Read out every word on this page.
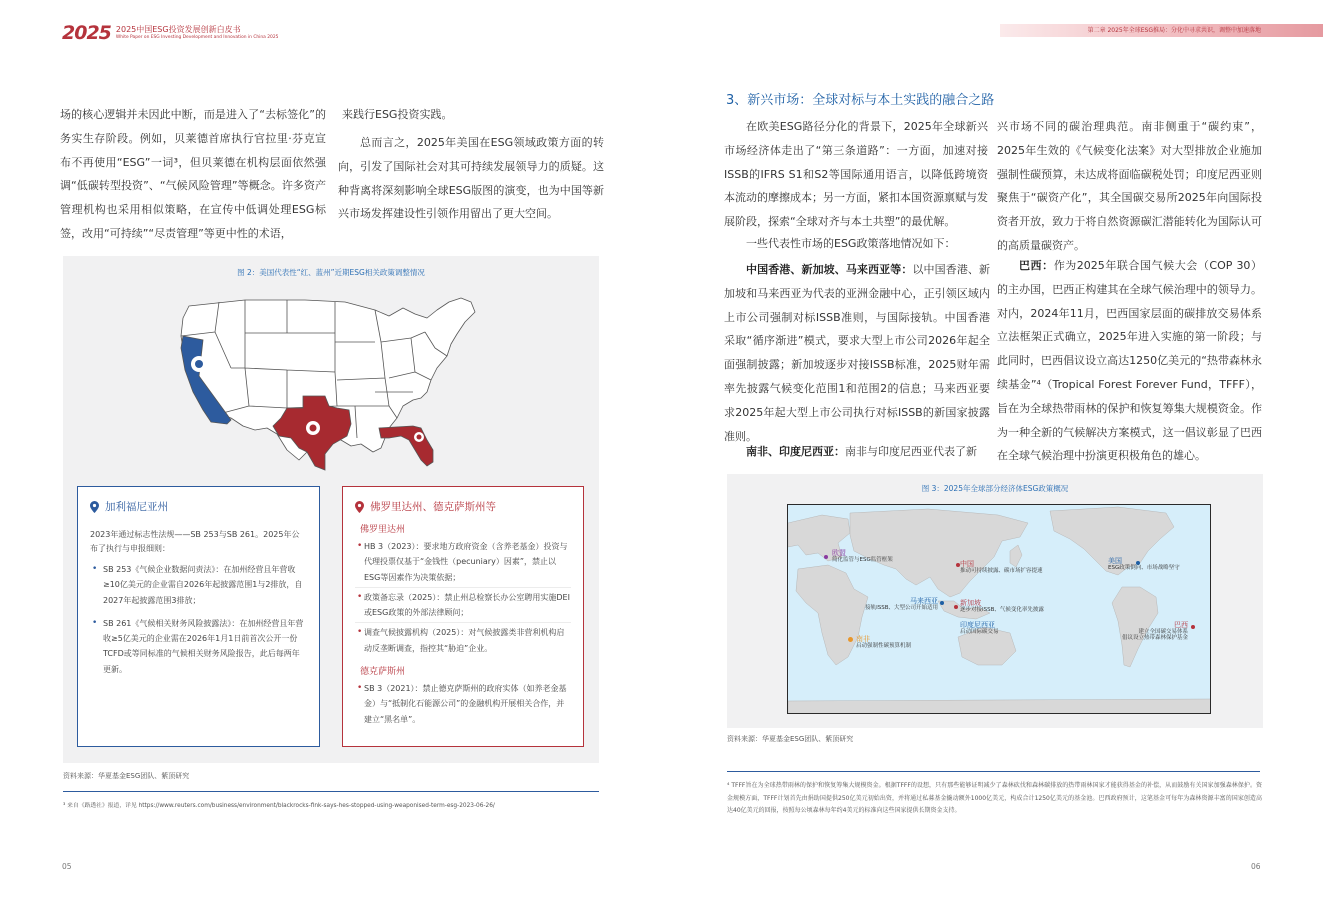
2025 2025中国ESG投资发展创新白皮书
White Paper on ESG Investing Development and Innovation in China 2025
第二章 2025年全球ESG推局：分化中寻求共识，调整中加速落地

场的核心逻辑并未因此中断，而是进入了“去标签化”的务实生存阶段。例如，贝莱德首席执行官拉里·芬克宣布不再使用“ESG”一词³，但贝莱德在机构层面依然强调“低碳转型投资”、“气候风险管理”等概念。许多资产管理机构也采用相似策略，在宣传中低调处理ESG标签，改用“可持续”“尽责管理”等更中性的术语，

来践行ESG投资实践。

总而言之，2025年美国在ESG领域政策方面的转向，引发了国际社会对其可持续发展领导力的质疑。这种背离将深刻影响全球ESG版图的演变，也为中国等新兴市场发挥建设性引领作用留出了更大空间。

图 2：美国代表性“红、蓝州”近期ESG相关政策调整情况
加利福尼亚州
2023年通过标志性法规——SB 253与SB 261。2025年公布了执行与申报细则：
• SB 253《气候企业数据问责法》：在加州经营且年营收≥10亿美元的企业需自2026年起披露范围1与2排放，自2027年起披露范围3排放；
• SB 261《气候相关财务风险披露法》：在加州经营且年营收≥5亿美元的企业需在2026年1月1日前首次公开一份TCFD或等同标准的气候相关财务风险报告，此后每两年更新。
佛罗里达州、德克萨斯州等
佛罗里达州
• HB 3（2023）：要求地方政府资金（含养老基金）投资与代理投票仅基于“金钱性（pecuniary）因素”，禁止以ESG等因素作为决策依据；
• 政策备忘录（2025）：禁止州总检察长办公室聘用实施DEI或ESG政策的外部法律顾问；
• 调查气候披露机构（2025）：对气候披露类非营利机构启动反垄断调查，指控其“胁迫”企业。
德克萨斯州
• SB 3（2021）：禁止德克萨斯州的政府实体（如养老金基金）与“抵制化石能源公司”的金融机构开展相关合作，并建立“黑名单”。
资料来源：华夏基金ESG团队、紫顶研究
³ 来自《路透社》报道，详见 https://www.reuters.com/business/environment/blackrocks-fink-says-hes-stopped-using-weaponised-term-esg-2023-06-26/
05
3、新兴市场：全球对标与本土实践的融合之路

在欧美ESG路径分化的背景下，2025年全球新兴市场经济体走出了“第三条道路”：一方面，加速对接ISSB的IFRS S1和S2等国际通用语言，以降低跨境资本流动的摩擦成本；另一方面，紧扣本国资源禀赋与发展阶段，探索“全球对齐与本土共塑”的最优解。

一些代表性市场的ESG政策落地情况如下：

中国香港、新加坡、马来西亚等：以中国香港、新加坡和马来西亚为代表的亚洲金融中心，正引领区域内上市公司强制对标ISSB准则，与国际接轨。中国香港采取“循序渐进”模式，要求大型上市公司2026年起全面强制披露；新加坡逐步对接ISSB标准，2025财年需率先披露气候变化范围1和范围2的信息；马来西亚要求2025年起大型上市公司执行对标ISSB的新国家披露准则。

南非、印度尼西亚：南非与印度尼西亚代表了新

兴市场不同的碳治理典范。南非侧重于“碳约束”，2025年生效的《气候变化法案》对大型排放企业施加强制性碳预算，未达成将面临碳税处罚；印度尼西亚则聚焦于“碳资产化”，其全国碳交易所2025年向国际投资者开放，致力于将自然资源碳汇潜能转化为国际认可的高质量碳资产。

巴西：作为2025年联合国气候大会（COP 30）的主办国，巴西正构建其在全球气候治理中的领导力。对内，2024年11月，巴西国家层面的碳排放交易体系立法框架正式确立，2025年进入实施的第一阶段；与此同时，巴西倡议设立高达1250亿美元的“热带森林永续基金”⁴（Tropical Forest Forever Fund，TFFF），旨在为全球热带雨林的保护和恢复筹集大规模资金。作为一种全新的气候解决方案模式，这一倡议彰显了巴西在全球气候治理中扮演更积极角色的雄心。

图 3：2025年全球部分经济体ESG政策概况
欧盟
简化监管与ESG监管框架	中国
推动可持续披露、碳市场扩容提速
美国
ESG政策倒向、市场战略坚守
马来西亚
接轨ISSB、大型公司开始适用
新加坡
逐步对接ISSB、气候变化率先披露
印度尼西亚
启动国际碳交易
南非
启动强制性碳预算机制
巴西
建立全国碳交易体系
倡议设立热带森林保护基金
资料来源：华夏基金ESG团队、紫顶研究
⁴ TFFF旨在为全球热带雨林的保护和恢复筹集大规模资金。根据TFFF的设想，只有那些能够证明减少了森林砍伐和森林碳排放的热带雨林国家才能获得基金的补偿，从而鼓励有关国家加强森林保护。资金规模方面，TFFF计划首先由捐助国提供250亿美元初始出资，并将通过私募基金撬动额外1000亿美元，构成合计1250亿美元的基金池。巴西政府预计，这笔基金可每年为森林资源丰富的国家创造高达40亿美元的回报，按照每公顷森林每年约4美元的标准向这些国家提供长期资金支持。
06
